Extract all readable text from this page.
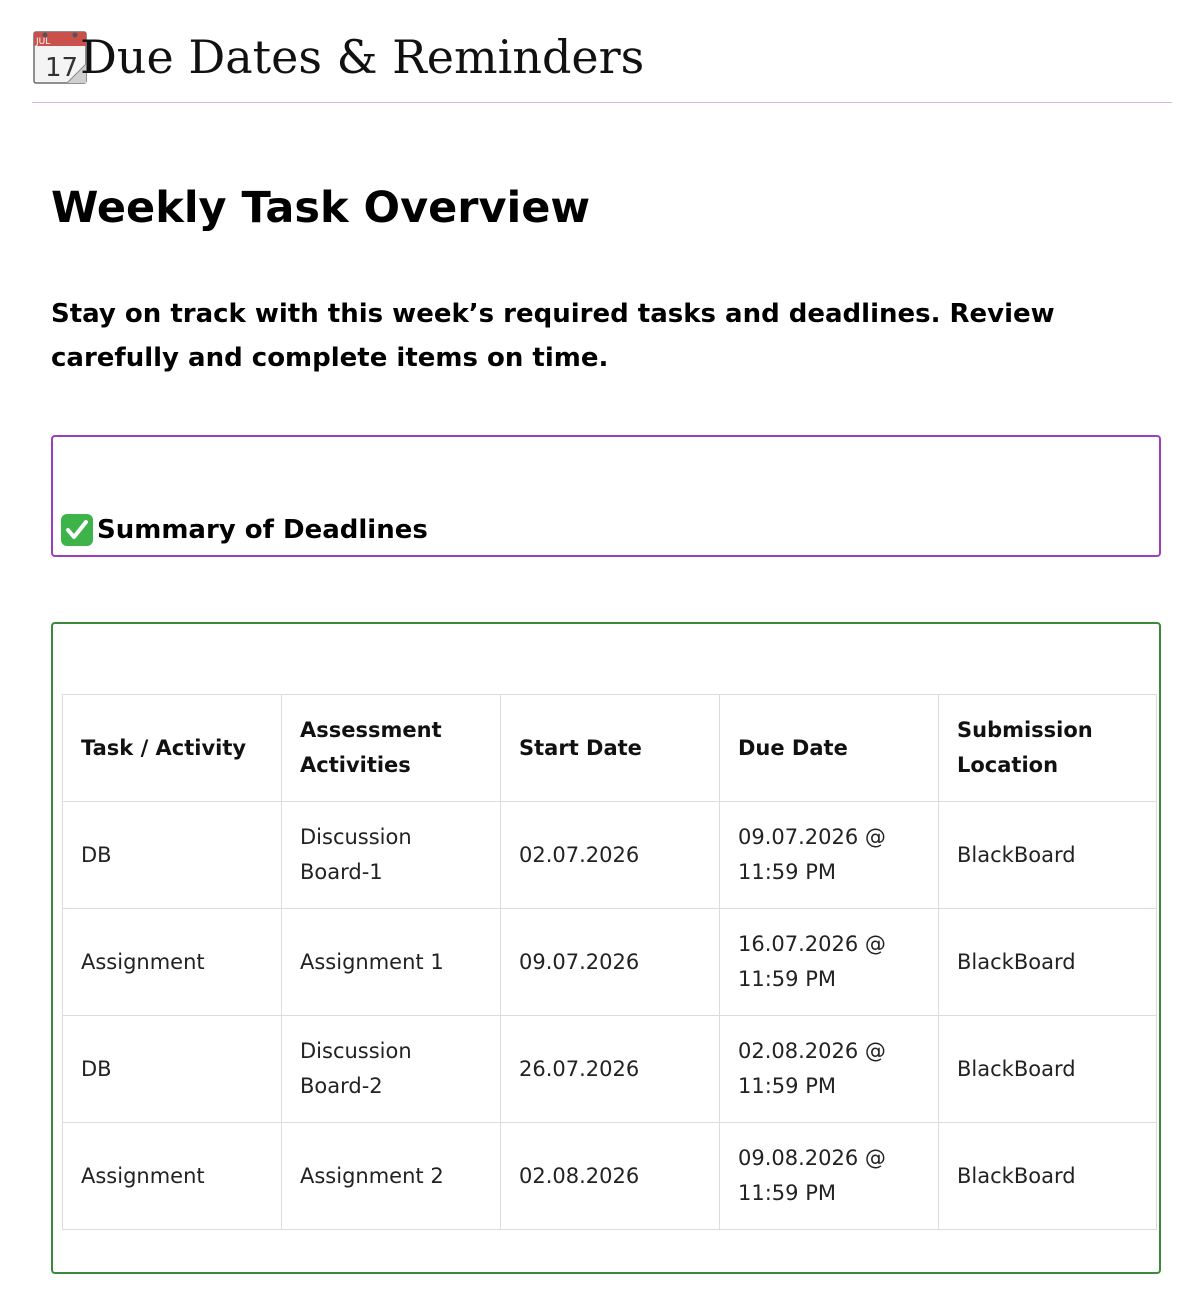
JUL
17 Due Dates & Reminders
Weekly Task Overview

Stay on track with this week’s required tasks and deadlines. Review carefully and complete items on time.

Summary of Deadlines
Task / Activity	Assessment Activities	Start Date	Due Date	Submission Location
DB	Discussion Board-1	02.07.2026	09.07.2026 @ 11:59 PM	BlackBoard
Assignment	Assignment 1	09.07.2026	16.07.2026 @ 11:59 PM	BlackBoard
DB	Discussion Board-2	26.07.2026	02.08.2026 @ 11:59 PM	BlackBoard
Assignment	Assignment 2	02.08.2026	09.08.2026 @ 11:59 PM	BlackBoard
